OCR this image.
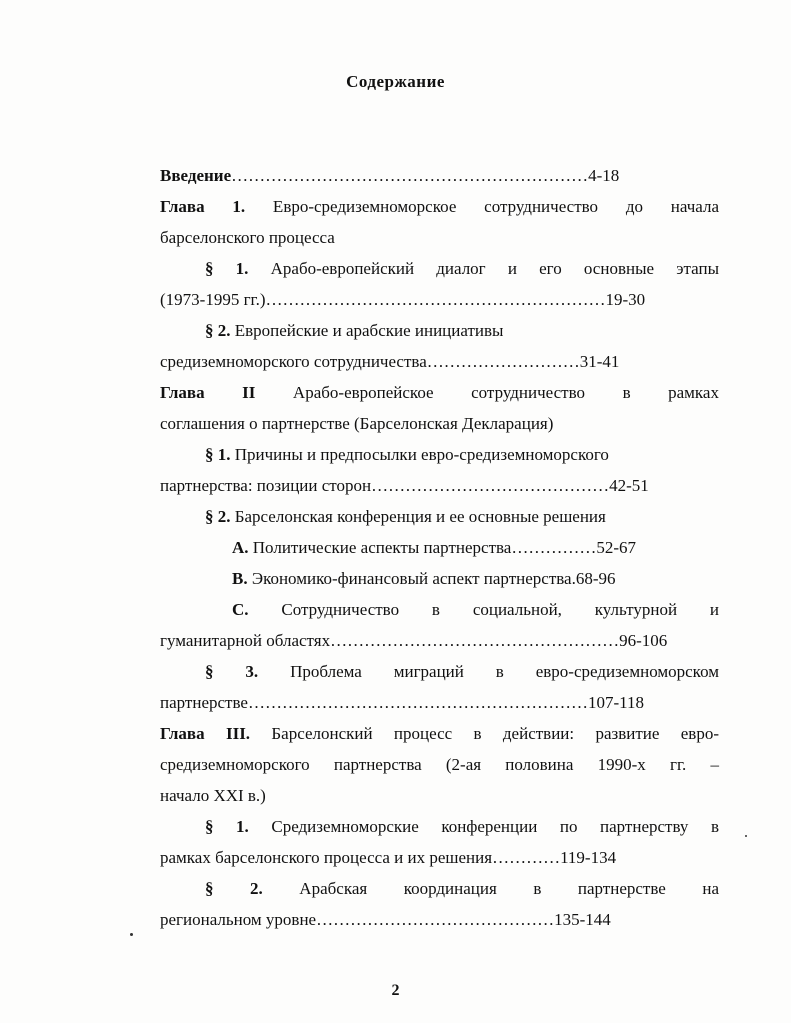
Содержание
Введение………………………………………………………4-18
Глава 1. Евро-средиземноморское сотрудничество до начала
барселонского процесса
§ 1. Арабо-европейский диалог и его основные этапы
(1973-1995 гг.)……………………………………………………19-30
§ 2. Европейские и арабские инициативы
средиземноморского сотрудничества………………………31-41
Глава II Арабо-европейское сотрудничество в рамках
соглашения о партнерстве (Барселонская Декларация)
§ 1. Причины и предпосылки евро-средиземноморского
партнерства: позиции сторон……………………………………42-51
§ 2. Барселонская конференция и ее основные решения
A. Политические аспекты партнерства……………52-67
B. Экономико-финансовый аспект партнерства.68-96
C. Сотрудничество в социальной, культурной и
гуманитарной областях……………………………………………96-106
§ 3. Проблема миграций в евро-средиземноморском
партнерстве……………………………………………………107-118
Глава III. Барселонский процесс в действии: развитие евро-
средиземноморского партнерства (2-ая половина 1990-х гг. –
начало XXI в.)
§ 1. Средиземноморские конференции по партнерству в
рамках барселонского процесса и их решения…………119-134
§ 2. Арабская координация в партнерстве на
региональном уровне……………………………………135-144
2
